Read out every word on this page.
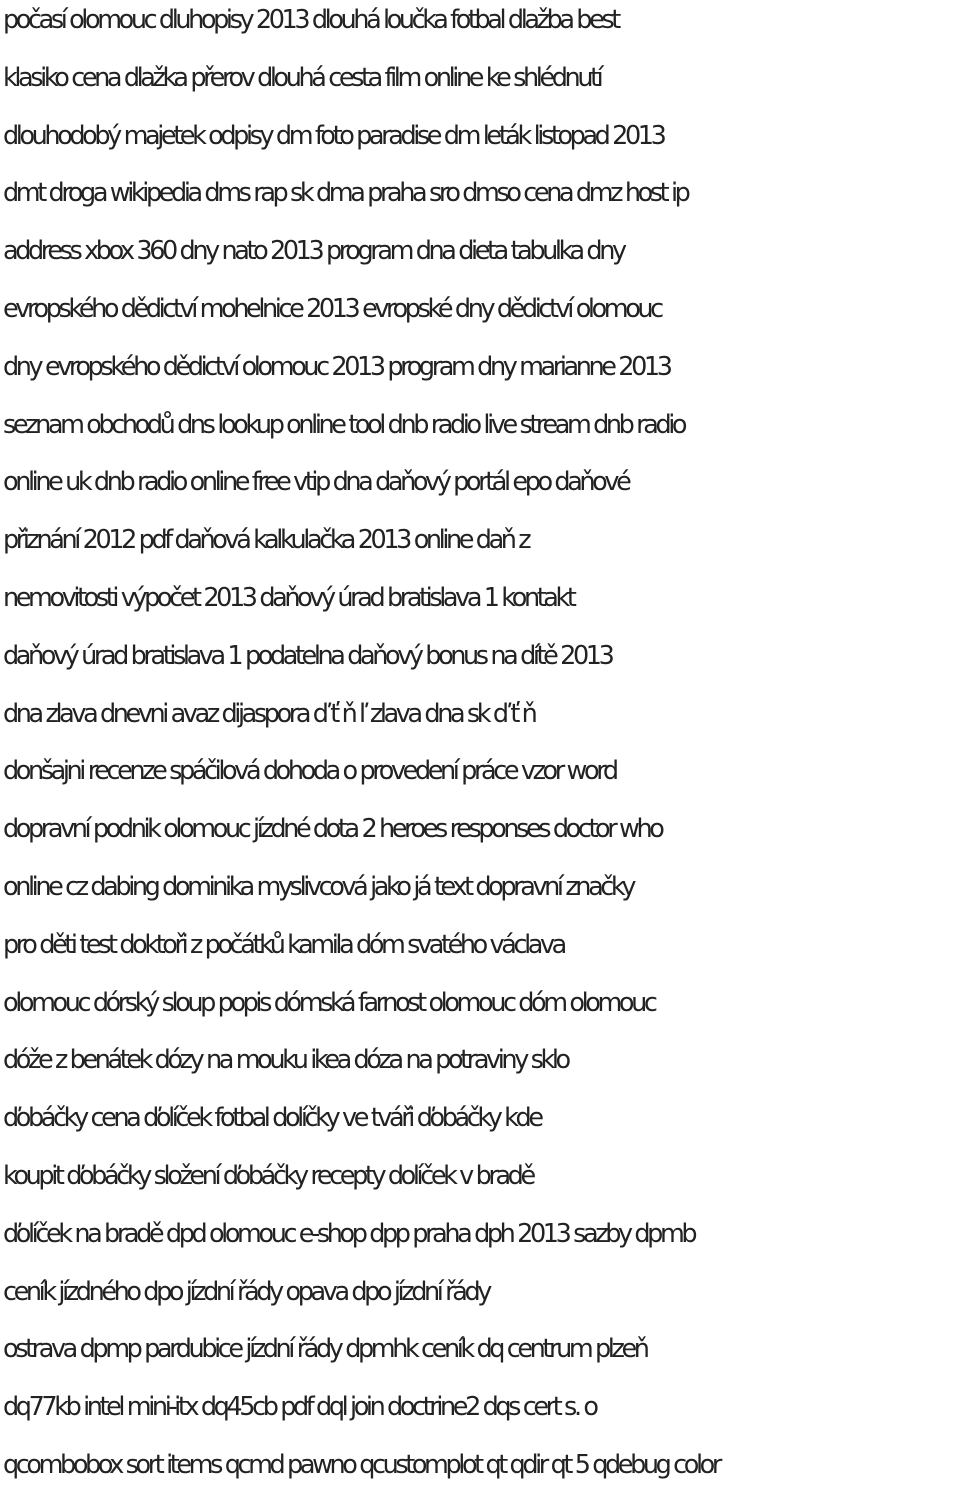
počasí olomouc dluhopisy 2013 dlouhá loučka fotbal dlažba best
klasiko cena dlažka přerov dlouhá cesta film online ke shlédnutí
dlouhodobý majetek odpisy dm foto paradise dm leták listopad 2013
dmt droga wikipedia dms rap sk dma praha sro dmso cena dmz host ip
address xbox 360 dny nato 2013 program dna dieta tabulka dny
evropského dědictví mohelnice 2013 evropské dny dědictví olomouc
dny evropského dědictví olomouc 2013 program dny marianne 2013
seznam obchodů dns lookup online tool dnb radio live stream dnb radio
online uk dnb radio online free vtip dna daňový portál epo daňové
přiznání 2012 pdf daňová kalkulačka 2013 online daň z
nemovitosti výpočet 2013 daňový úrad bratislava 1 kontakt
daňový úrad bratislava 1 podatelna daňový bonus na dítě 2013
dna zlava dnevni avaz dijaspora ď ť ň ľ zlava dna sk ď ť ň
donšajni recenze spáčilová dohoda o provedení práce vzor word
dopravní podnik olomouc jízdné dota 2 heroes responses doctor who
online cz dabing dominika myslivcová jako já text dopravní značky
pro děti test doktoři z počátků kamila dóm svatého václava
olomouc dórský sloup popis dómská farnost olomouc dóm olomouc
dóže z benátek dózy na mouku ikea dóza na potraviny sklo
ďobáčky cena ďolíček fotbal dolíčky ve tváři ďobáčky kde
koupit ďobáčky složení ďobáčky recepty dolíček v bradě
ďolíček na bradě dpd olomouc e-shop dpp praha dph 2013 sazby dpmb
ceník jízdného dpo jízdní řády opava dpo jízdní řády
ostrava dpmp pardubice jízdní řády dpmhk ceník dq centrum plzeň
dq77kb intel mini-itx dq45cb pdf dql join doctrine2 dqs cert s. o
qcombobox sort items qcmd pawno qcustomplot qt qdir qt 5 qdebug color
